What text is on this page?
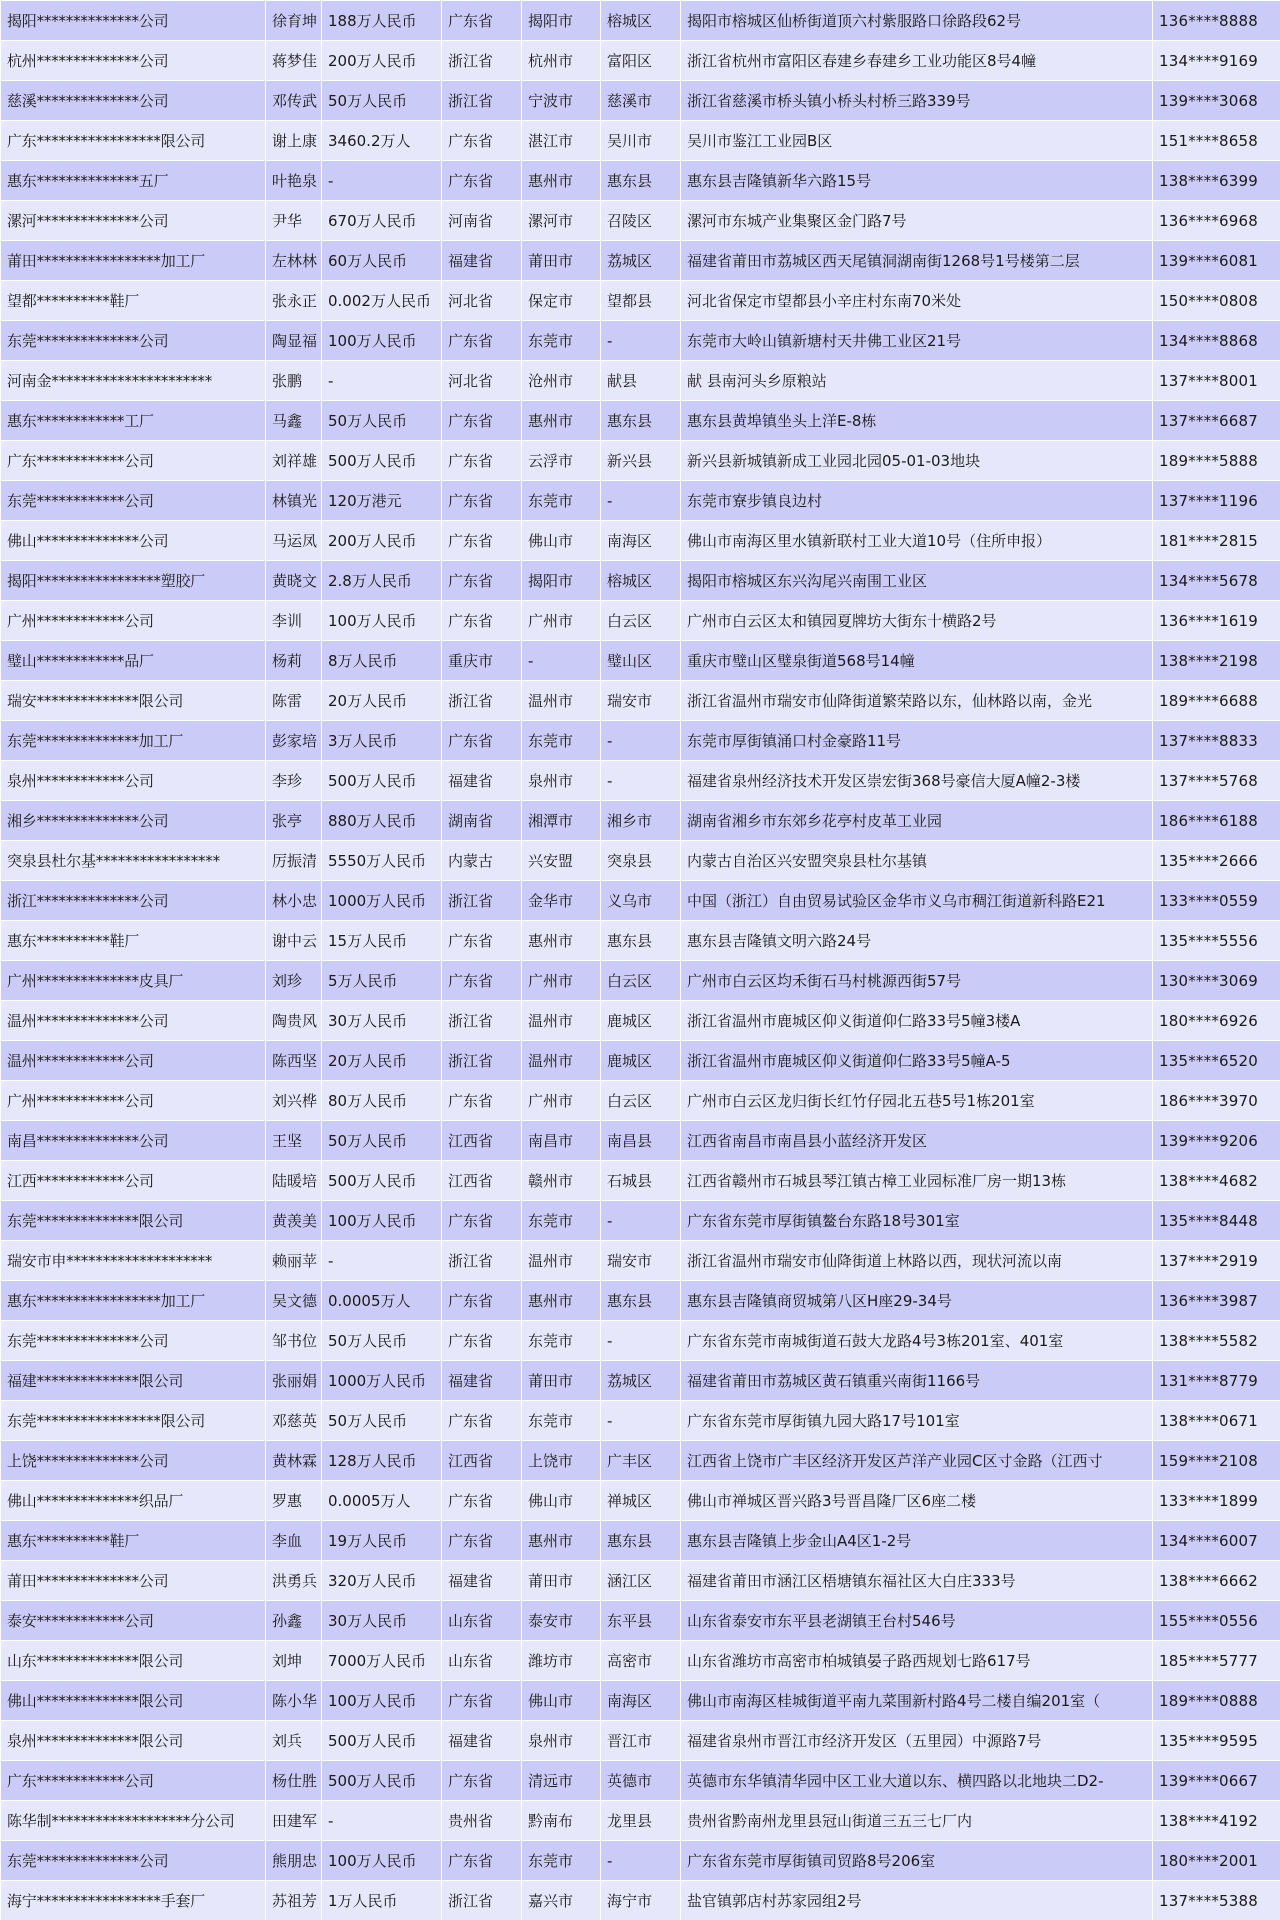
揭阳**************公司	徐育坤	188万人民币	广东省	揭阳市	榕城区	揭阳市榕城区仙桥街道顶六村紫服路口徐路段62号	136****8888
杭州**************公司	蒋梦佳	200万人民币	浙江省	杭州市	富阳区	浙江省杭州市富阳区春建乡春建乡工业功能区8号4幢	134****9169
慈溪**************公司	邓传武	50万人民币	浙江省	宁波市	慈溪市	浙江省慈溪市桥头镇小桥头村桥三路339号	139****3068
广东*****************限公司	谢上康	3460.2万人	广东省	湛江市	吴川市	吴川市鉴江工业园B区	151****8658
惠东**************五厂	叶艳泉	-	广东省	惠州市	惠东县	惠东县吉隆镇新华六路15号	138****6399
漯河**************公司	尹华	670万人民币	河南省	漯河市	召陵区	漯河市东城产业集聚区金门路7号	136****6968
莆田*****************加工厂	左林林	60万人民币	福建省	莆田市	荔城区	福建省莆田市荔城区西天尾镇洞湖南街1268号1号楼第二层	139****6081
望都**********鞋厂	张永正	0.002万人民币	河北省	保定市	望都县	河北省保定市望都县小辛庄村东南70米处	150****0808
东莞**************公司	陶显福	100万人民币	广东省	东莞市	-	东莞市大岭山镇新塘村天井佛工业区21号	134****8868
河南金**********************	张鹏	-	河北省	沧州市	献县	献 县南河头乡原粮站	137****8001
惠东************工厂	马鑫	50万人民币	广东省	惠州市	惠东县	惠东县黄埠镇坐头上洋E-8栋	137****6687
广东************公司	刘祥雄	500万人民币	广东省	云浮市	新兴县	新兴县新城镇新成工业园北园05-01-03地块	189****5888
东莞************公司	林镇光	120万港元	广东省	东莞市	-	东莞市寮步镇良边村	137****1196
佛山**************公司	马运凤	200万人民币	广东省	佛山市	南海区	佛山市南海区里水镇新联村工业大道10号（住所申报）	181****2815
揭阳*****************塑胶厂	黄晓文	2.8万人民币	广东省	揭阳市	榕城区	揭阳市榕城区东兴沟尾兴南围工业区	134****5678
广州************公司	李训	100万人民币	广东省	广州市	白云区	广州市白云区太和镇园夏牌坊大街东十横路2号	136****1619
璧山************品厂	杨莉	8万人民币	重庆市	-	璧山区	重庆市璧山区璧泉街道568号14幢	138****2198
瑞安**************限公司	陈雷	20万人民币	浙江省	温州市	瑞安市	浙江省温州市瑞安市仙降街道繁荣路以东，仙林路以南，金光	189****6688
东莞**************加工厂	彭家培	3万人民币	广东省	东莞市	-	东莞市厚街镇涌口村金豪路11号	137****8833
泉州************公司	李珍	500万人民币	福建省	泉州市	-	福建省泉州经济技术开发区崇宏街368号豪信大厦A幢2-3楼	137****5768
湘乡**************公司	张亭	880万人民币	湖南省	湘潭市	湘乡市	湖南省湘乡市东郊乡花亭村皮革工业园	186****6188
突泉县杜尔基*****************	厉振清	5550万人民币	内蒙古	兴安盟	突泉县	内蒙古自治区兴安盟突泉县杜尔基镇	135****2666
浙江**************公司	林小忠	1000万人民币	浙江省	金华市	义乌市	中国（浙江）自由贸易试验区金华市义乌市稠江街道新科路E21	133****0559
惠东**********鞋厂	谢中云	15万人民币	广东省	惠州市	惠东县	惠东县吉隆镇文明六路24号	135****5556
广州**************皮具厂	刘珍	5万人民币	广东省	广州市	白云区	广州市白云区均禾街石马村桃源西街57号	130****3069
温州**************公司	陶贵风	30万人民币	浙江省	温州市	鹿城区	浙江省温州市鹿城区仰义街道仰仁路33号5幢3楼A	180****6926
温州************公司	陈西坚	20万人民币	浙江省	温州市	鹿城区	浙江省温州市鹿城区仰义街道仰仁路33号5幢A-5	135****6520
广州************公司	刘兴桦	80万人民币	广东省	广州市	白云区	广州市白云区龙归街长红竹仔园北五巷5号1栋201室	186****3970
南昌**************公司	王坚	50万人民币	江西省	南昌市	南昌县	江西省南昌市南昌县小蓝经济开发区	139****9206
江西************公司	陆暖培	500万人民币	江西省	赣州市	石城县	江西省赣州市石城县琴江镇古樟工业园标准厂房一期13栋	138****4682
东莞**************限公司	黄羡美	100万人民币	广东省	东莞市	-	广东省东莞市厚街镇鳌台东路18号301室	135****8448
瑞安市申********************	赖丽苹	-	浙江省	温州市	瑞安市	浙江省温州市瑞安市仙降街道上林路以西，现状河流以南	137****2919
惠东*****************加工厂	吴文德	0.0005万人	广东省	惠州市	惠东县	惠东县吉隆镇商贸城第八区H座29-34号	136****3987
东莞**************公司	邹书位	50万人民币	广东省	东莞市	-	广东省东莞市南城街道石鼓大龙路4号3栋201室、401室	138****5582
福建**************限公司	张丽娟	1000万人民币	福建省	莆田市	荔城区	福建省莆田市荔城区黄石镇重兴南街1166号	131****8779
东莞*****************限公司	邓慈英	50万人民币	广东省	东莞市	-	广东省东莞市厚街镇九园大路17号101室	138****0671
上饶**************公司	黄林霖	128万人民币	江西省	上饶市	广丰区	江西省上饶市广丰区经济开发区芦洋产业园C区寸金路（江西寸	159****2108
佛山**************织品厂	罗惠	0.0005万人	广东省	佛山市	禅城区	佛山市禅城区晋兴路3号晋昌隆厂区6座二楼	133****1899
惠东**********鞋厂	李血	19万人民币	广东省	惠州市	惠东县	惠东县吉隆镇上步金山A4区1-2号	134****6007
莆田**************公司	洪勇兵	320万人民币	福建省	莆田市	涵江区	福建省莆田市涵江区梧塘镇东福社区大白庄333号	138****6662
泰安************公司	孙鑫	30万人民币	山东省	泰安市	东平县	山东省泰安市东平县老湖镇王台村546号	155****0556
山东**************限公司	刘坤	7000万人民币	山东省	潍坊市	高密市	山东省潍坊市高密市柏城镇晏子路西规划七路617号	185****5777
佛山**************限公司	陈小华	100万人民币	广东省	佛山市	南海区	佛山市南海区桂城街道平南九菜围新村路4号二楼自编201室（	189****0888
泉州**************限公司	刘兵	500万人民币	福建省	泉州市	晋江市	福建省泉州市晋江市经济开发区（五里园）中源路7号	135****9595
广东************公司	杨仕胜	500万人民币	广东省	清远市	英德市	英德市东华镇清华园中区工业大道以东、横四路以北地块二D2-	139****0667
陈华制*******************分公司	田建军	-	贵州省	黔南布	龙里县	贵州省黔南州龙里县冠山街道三五三七厂内	138****4192
东莞**************公司	熊朋忠	100万人民币	广东省	东莞市	-	广东省东莞市厚街镇司贸路8号206室	180****2001
海宁*****************手套厂	苏祖芳	1万人民币	浙江省	嘉兴市	海宁市	盐官镇郭店村苏家园组2号	137****5388
